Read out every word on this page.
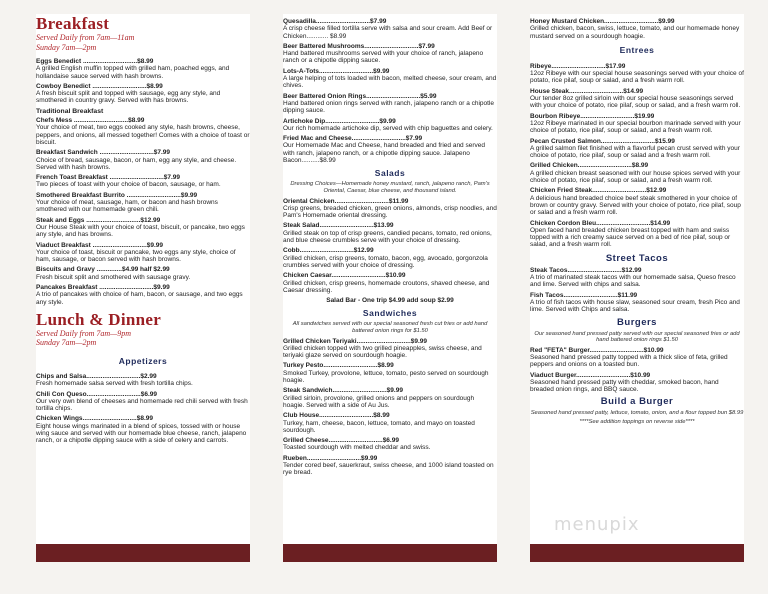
Breakfast
Served Daily from 7am—11am
Sunday 7am—2pm
Eggs Benedict ..............................$8.99
A grilled English muffin topped with grilled ham, poached eggs, and hollandaise sauce served with hash browns.
Cowboy Benedict ..............................$8.99
A fresh biscuit split and topped with sausage, egg any style, and smothered in country gravy. Served with has browns.
Traditional Breakfast
Chefs Mess ..............................$8.99
Your choice of meat, two eggs cooked any style, hash browns, cheese, peppers, and onions, all messed together! Comes with a choice of toast or biscuit.
Breakfast Sandwich ..............................$7.99
Choice of bread, sausage, bacon, or ham, egg any style, and cheese. Served with hash browns.
French Toast Breakfast ..............................$7.99
Two pieces of toast with your choice of bacon, sausage, or ham.
Smothered Breakfast Burrito ..............................$9.99
Your choice of meat, sausage, ham, or bacon and hash browns smothered with our homemade green chili.
Steak and Eggs ..............................$12.99
Our House Steak with your choice of toast, biscuit, or pancake, two eggs any style, and has browns.
Viaduct Breakfast ..............................$9.99
Your choice of toast, biscuit or pancake, two eggs any style, choice of ham, sausage, or bacon served with hash browns.
Biscuits and Gravy ..............$4.99 half $2.99
Fresh biscuit split and smothered with sausage gravy.
Pancakes Breakfast ..............................$9.99
A trio of pancakes with choice of ham, bacon, or sausage, and two eggs any style.
Lunch & Dinner
Served Daily from 7am—9pm
Sunday 7am—2pm
Appetizers
Chips and Salsa..............................$2.99
Fresh homemade salsa served with fresh tortilla chips.
Chili Con Queso..............................$6.99
Our very own blend of cheeses and homemade red chili served with fresh tortilla chips.
Chicken Wings..............................$8.99
Eight house wings marinated in a blend of spices, tossed with or house wing sauce and served with our homemade blue cheese, ranch, jalapeno ranch, or a chipotle dipping sauce with a side of celery and carrots.
Quesadilla..............................$7.99
A crisp cheese filled tortilla serve with salsa and sour cream. Add Beef or Chicken............ $8.99
Beer Battered Mushrooms..............................$7.99
Hand battered mushrooms served with your choice of ranch, jalapeno ranch or a chipotle dipping sauce.
Lots-A-Tots..............................$9.99
A large helping of tots loaded with bacon, melted cheese, sour cream, and chives.
Beer Battered Onion Rings..............................$5.99
Hand battered onion rings served with ranch, jalapeno ranch or a chipotle dipping sauce.
Artichoke Dip..............................$9.99
Our rich homemade artichoke dip, served with chip baguettes and celery.
Fried Mac and Cheese..............................$7.99
Our Homemade Mac and Cheese, hand breaded and fried and served with ranch, jalapeno ranch, or a chipotle dipping sauce. Jalapeno Bacon..........$8.99
Salads
Dressing Choices—Homemade honey mustard, ranch, jalapeno ranch, Pam's Oriental, Caesar, blue cheese, and thousand island.
Oriental Chicken..............................$11.99
Crisp greens, breaded chicken, green onions, almonds, crisp noodles, and Pam's Homemade oriental dressing.
Steak Salad..............................$13.99
Grilled steak on top of crisp greens, candied pecans, tomato, red onions, and blue cheese crumbles serve with your choice of dressing.
Cobb..............................$12.99
Grilled chicken, crisp greens, tomato, bacon, egg, avocado, gorgonzola crumbles served with your choice of dressing.
Chicken Caesar..............................$10.99
Grilled chicken, crisp greens, homemade croutons, shaved cheese, and Caesar dressing.
Salad Bar - One trip $4.99 add soup $2.99
Sandwiches
All sandwiches served with our special seasoned fresh cut fries or add hand battered onion rings for $1.50
Grilled Chicken Teriyaki..............................$9.99
Grilled chicken topped with two grilled pineapples, swiss cheese, and teriyaki glaze served on sourdough hoagie.
Turkey Pesto..............................$8.99
Smoked Turkey, provolone, lettuce, tomato, pesto served on sourdough hoagie.
Steak Sandwich..............................$9.99
Grilled sirloin, provolone, grilled onions and peppers on sourdough hoagie. Served with a side of Au Jus.
Club House..............................$8.99
Turkey, ham, cheese, bacon, lettuce, tomato, and mayo on toasted sourdough.
Grilled Cheese..............................$6.99
Toasted sourdough with melted cheddar and swiss.
Rueben..............................$9.99
Tender cored beef, sauerkraut, swiss cheese, and 1000 island toasted on rye bread.
Honey Mustard Chicken..............................$9.99
Grilled chicken, bacon, swiss, lettuce, tomato, and our homemade honey mustard served on a sourdough hoagie.
Entrees
Ribeye..............................$17.99
12oz Ribeye with our special house seasonings served with your choice of potato, rice pilaf, soup or salad, and a fresh warm roll.
House Steak..............................$14.99
Our tender 8oz grilled sirloin with our special house seasonings served with your choice of potato, rice pilaf, soup or salad, and a fresh warm roll.
Bourbon Ribeye..............................$19.99
12oz Ribeye marinated in our special bourbon marinade served with your choice of potato, rice pilaf, soup or salad, and a fresh warm roll.
Pecan Crusted Salmon..............................$15.99
A grilled salmon filet finished with a flavorful pecan crust served with your choice of potato, rice pilaf, soup or salad and a fresh warm roll.
Grilled Chicken..............................$8.99
A grilled chicken breast seasoned with our house spices served with your choice of potato, rice pilaf, soup or salad, and a fresh warm roll.
Chicken Fried Steak..............................$12.99
A delicious hand breaded choice beef steak smothered in your choice of brown or country gravy. Served with your choice of potato, rice pilaf, soup or salad and a fresh warm roll.
Chicken Cordon Bleu..............................$14.99
Open faced hand breaded chicken breast topped with ham and swiss topped with a rich creamy sauce served on a bed of rice pilaf, soup or salad, and a fresh warm roll.
Street Tacos
Steak Tacos..............................$12.99
A trio of marinated steak tacos with our homemade salsa, Queso fresco and lime. Served with chips and salsa.
Fish Tacos..............................$11.99
A trio of fish tacos with house slaw, seasoned sour cream, fresh Pico and lime. Served with Chips and salsa.
Burgers
Our seasoned hand pressed patty served with our special seasoned fries or add hand battered onion rings $1.50
Red "FETA" Burger..............................$10.99
Seasoned hand pressed patty topped with a thick slice of feta, grilled peppers and onions on a toasted bun.
Viaduct Burger..............................$10.99
Seasoned hand pressed patty with cheddar, smoked bacon, hand breaded onion rings, and BBQ sauce.
Build a Burger
Seasoned hand pressed patty, lettuce, tomato, onion, and a flour topped bun $8.99
****See addition toppings on reverse side****
menupix
